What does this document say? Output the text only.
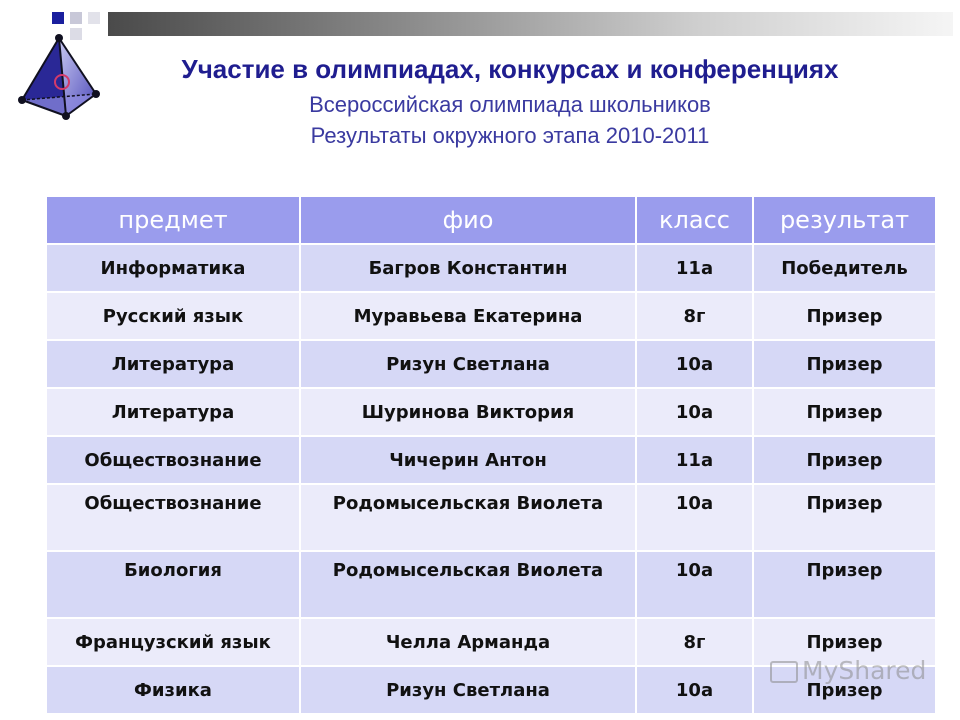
Участие в олимпиадах, конкурсах и конференциях
Всероссийская олимпиада школьников
Результаты окружного этапа 2010-2011
предмет	фио	класс	результат
Информатика	Багров Константин	11а	Победитель
Русский язык	Муравьева Екатерина	8г	Призер
Литература	Ризун Светлана	10а	Призер
Литература	Шуринова Виктория	10а	Призер
Обществознание	Чичерин Антон	11а	Призер
Обществознание	Родомысельская Виолета	10а	Призер
Биология	Родомысельская Виолета	10а	Призер
Французский язык	Челла Арманда	8г	Призер
Физика	Ризун Светлана	10а	Призер
MyShared
